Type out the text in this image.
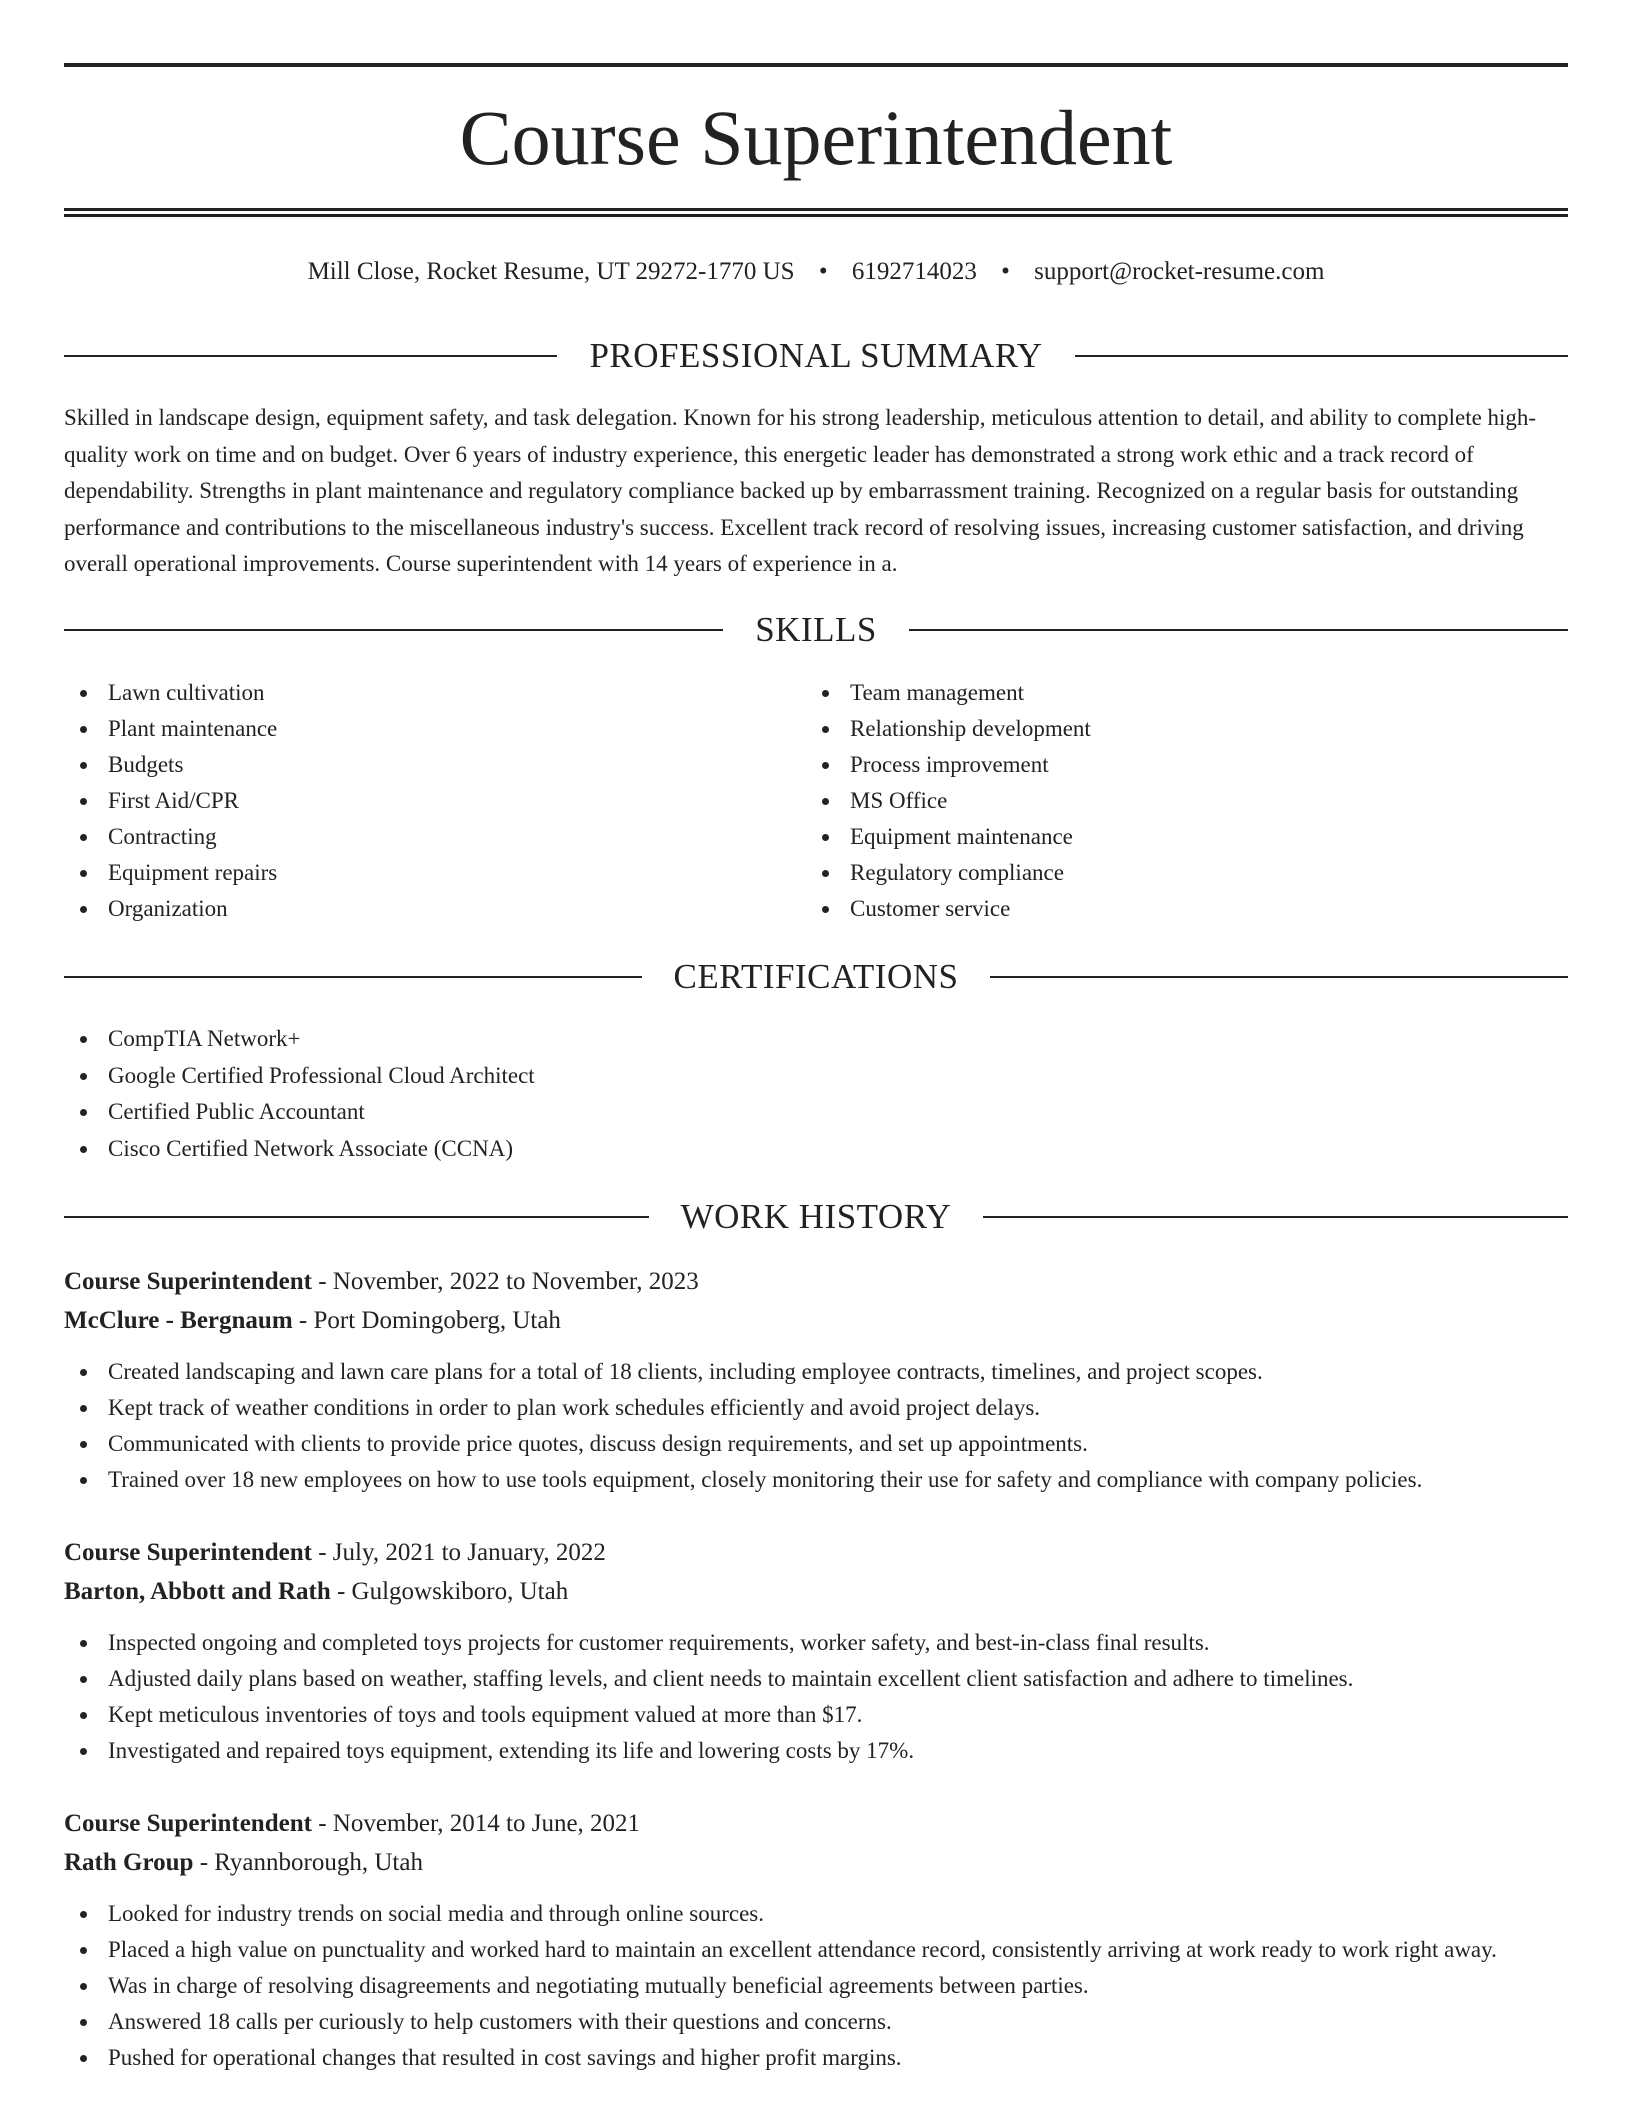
Course Superintendent
Mill Close, Rocket Resume, UT 29272-1770 US • 6192714023 • support@rocket-resume.com
PROFESSIONAL SUMMARY

Skilled in landscape design, equipment safety, and task delegation. Known for his strong leadership, meticulous attention to detail, and ability to complete high-quality work on time and on budget. Over 6 years of industry experience, this energetic leader has demonstrated a strong work ethic and a track record of dependability. Strengths in plant maintenance and regulatory compliance backed up by embarrassment training. Recognized on a regular basis for outstanding performance and contributions to the miscellaneous industry's success. Excellent track record of resolving issues, increasing customer satisfaction, and driving overall operational improvements. Course superintendent with 14 years of experience in a.

SKILLS
Lawn cultivation
Plant maintenance
Budgets
First Aid/CPR
Contracting
Equipment repairs
Organization
Team management
Relationship development
Process improvement
MS Office
Equipment maintenance
Regulatory compliance
Customer service
CERTIFICATIONS
CompTIA Network+
Google Certified Professional Cloud Architect
Certified Public Accountant
Cisco Certified Network Associate (CCNA)
WORK HISTORY
Course Superintendent - November, 2022 to November, 2023
McClure - Bergnaum - Port Domingoberg, Utah
Created landscaping and lawn care plans for a total of 18 clients, including employee contracts, timelines, and project scopes.
Kept track of weather conditions in order to plan work schedules efficiently and avoid project delays.
Communicated with clients to provide price quotes, discuss design requirements, and set up appointments.
Trained over 18 new employees on how to use tools equipment, closely monitoring their use for safety and compliance with company policies.
Course Superintendent - July, 2021 to January, 2022
Barton, Abbott and Rath - Gulgowskiboro, Utah
Inspected ongoing and completed toys projects for customer requirements, worker safety, and best-in-class final results.
Adjusted daily plans based on weather, staffing levels, and client needs to maintain excellent client satisfaction and adhere to timelines.
Kept meticulous inventories of toys and tools equipment valued at more than $17.
Investigated and repaired toys equipment, extending its life and lowering costs by 17%.
Course Superintendent - November, 2014 to June, 2021
Rath Group - Ryannborough, Utah
Looked for industry trends on social media and through online sources.
Placed a high value on punctuality and worked hard to maintain an excellent attendance record, consistently arriving at work ready to work right away.
Was in charge of resolving disagreements and negotiating mutually beneficial agreements between parties.
Answered 18 calls per curiously to help customers with their questions and concerns.
Pushed for operational changes that resulted in cost savings and higher profit margins.
